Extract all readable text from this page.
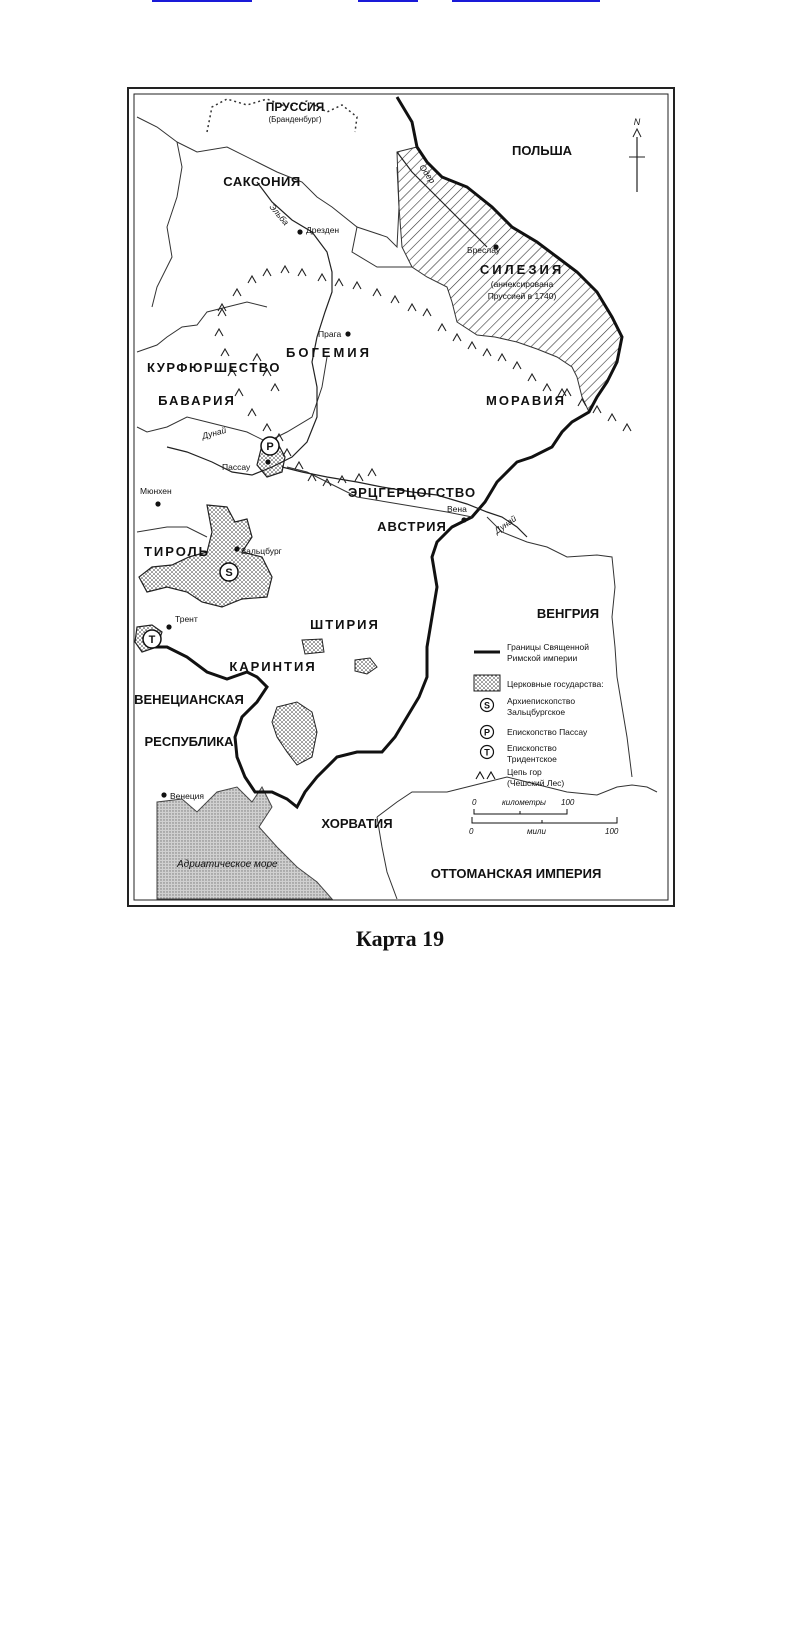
N
P
S
T
ПРУССИЯ
(Бранденбург)
ПОЛЬША
САКСОНИЯ
СИЛЕЗИЯ
(аннексирована
Пруссией в 1740)
БОГЕМИЯ
КУРФЮРШЕСТВО
БАВАРИЯ	МОРАВИЯ
ЭРЦГЕРЦОГСТВО
АВСТРИЯ
ТИРОЛЬ
ШТИРИЯ
КАРИНТИЯ
ВЕНГРИЯ
ВЕНЕЦИАНСКАЯ
РЕСПУБЛИКА
ХОРВАТИЯ
ОТТОМАНСКАЯ ИМПЕРИЯ
Дрезден
Бреслау
Прага
Пассау
Мюнхен
Вена
Зальцбург
Трент
Венеция
Эльба
Одер
Дунай
Дунай
Адриатическое море
Границы Священной
Римской империи
Церковные государства:
S Архиепископство
Зальцбургское
P Епископство Пассау
T Епископство
Тридентское
Цепь гор
(Чешский Лес)
0	километры 100
0	мили	100
Карта 19
